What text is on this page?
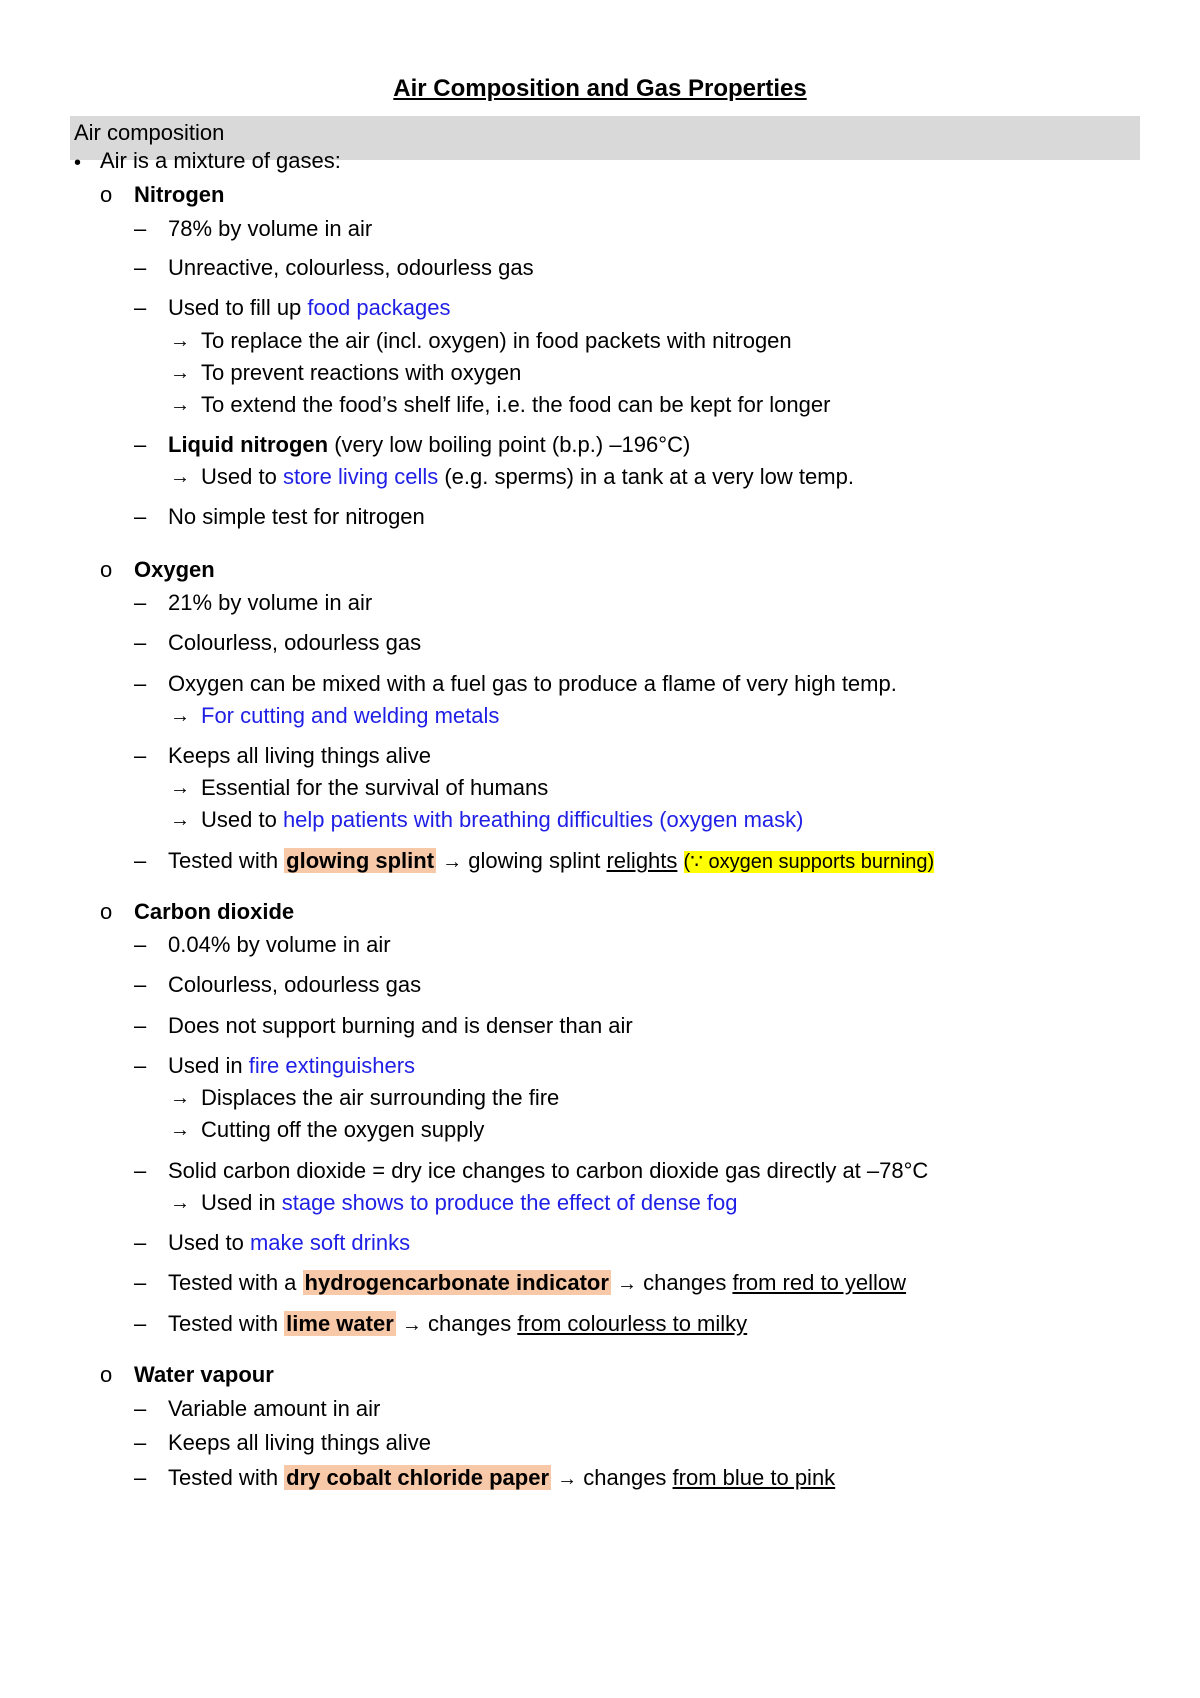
Air Composition and Gas Properties
Air composition
• Air is a mixture of gases:
o Nitrogen
– 78% by volume in air
– Unreactive, colourless, odourless gas
– Used to fill up food packages
→ To replace the air (incl. oxygen) in food packets with nitrogen
→ To prevent reactions with oxygen
→ To extend the food’s shelf life, i.e. the food can be kept for longer
– Liquid nitrogen (very low boiling point (b.p.) –196°C)
→ Used to store living cells (e.g. sperms) in a tank at a very low temp.
– No simple test for nitrogen
o Oxygen
– 21% by volume in air
– Colourless, odourless gas
– Oxygen can be mixed with a fuel gas to produce a flame of very high temp.
→ For cutting and welding metals
– Keeps all living things alive
→ Essential for the survival of humans
→ Used to help patients with breathing difficulties (oxygen mask)
– Tested with glowing splint → glowing splint relights (∵ oxygen supports burning)
o Carbon dioxide
– 0.04% by volume in air
– Colourless, odourless gas
– Does not support burning and is denser than air
– Used in fire extinguishers
→ Displaces the air surrounding the fire
→ Cutting off the oxygen supply
– Solid carbon dioxide = dry ice changes to carbon dioxide gas directly at –78°C
→ Used in stage shows to produce the effect of dense fog
– Used to make soft drinks
– Tested with a hydrogencarbonate indicator → changes from red to yellow
– Tested with lime water → changes from colourless to milky
o Water vapour
– Variable amount in air
– Keeps all living things alive
– Tested with dry cobalt chloride paper → changes from blue to pink
